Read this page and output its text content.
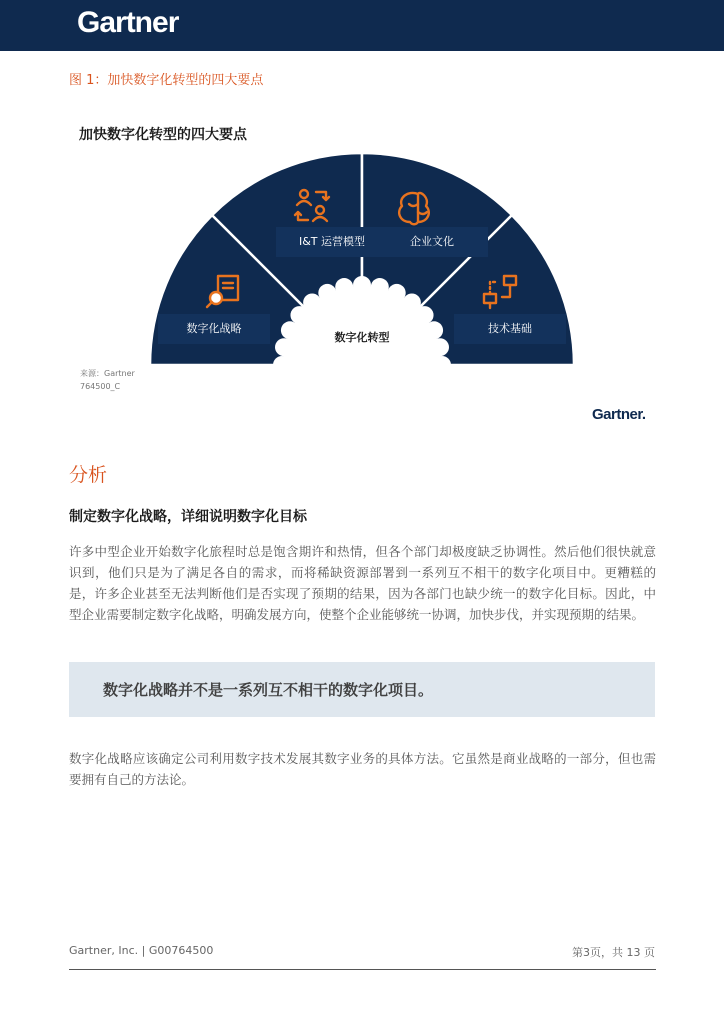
Gartner
图 1：加快数字化转型的四大要点
加快数字化转型的四大要点
数字化战略
I&T 运营模型	企业文化
技术基础
数字化转型
来源：Gartner
764500_C
Gartner.
分析
制定数字化战略，详细说明数字化目标

许多中型企业开始数字化旅程时总是饱含期许和热情，但各个部门却极度缺乏协调性。然后他们很快就意识到，他们只是为了满足各自的需求，而将稀缺资源部署到一系列互不相干的数字化项目中。更糟糕的是，许多企业甚至无法判断他们是否实现了预期的结果，因为各部门也缺少统一的数字化目标。因此，中型企业需要制定数字化战略，明确发展方向，使整个企业能够统一协调，加快步伐，并实现预期的结果。

数字化战略并不是一系列互不相干的数字化项目。

数字化战略应该确定公司利用数字技术发展其数字业务的具体方法。它虽然是商业战略的一部分，但也需要拥有自己的方法论。

Gartner, Inc. | G00764500	第3页，共 13 页
